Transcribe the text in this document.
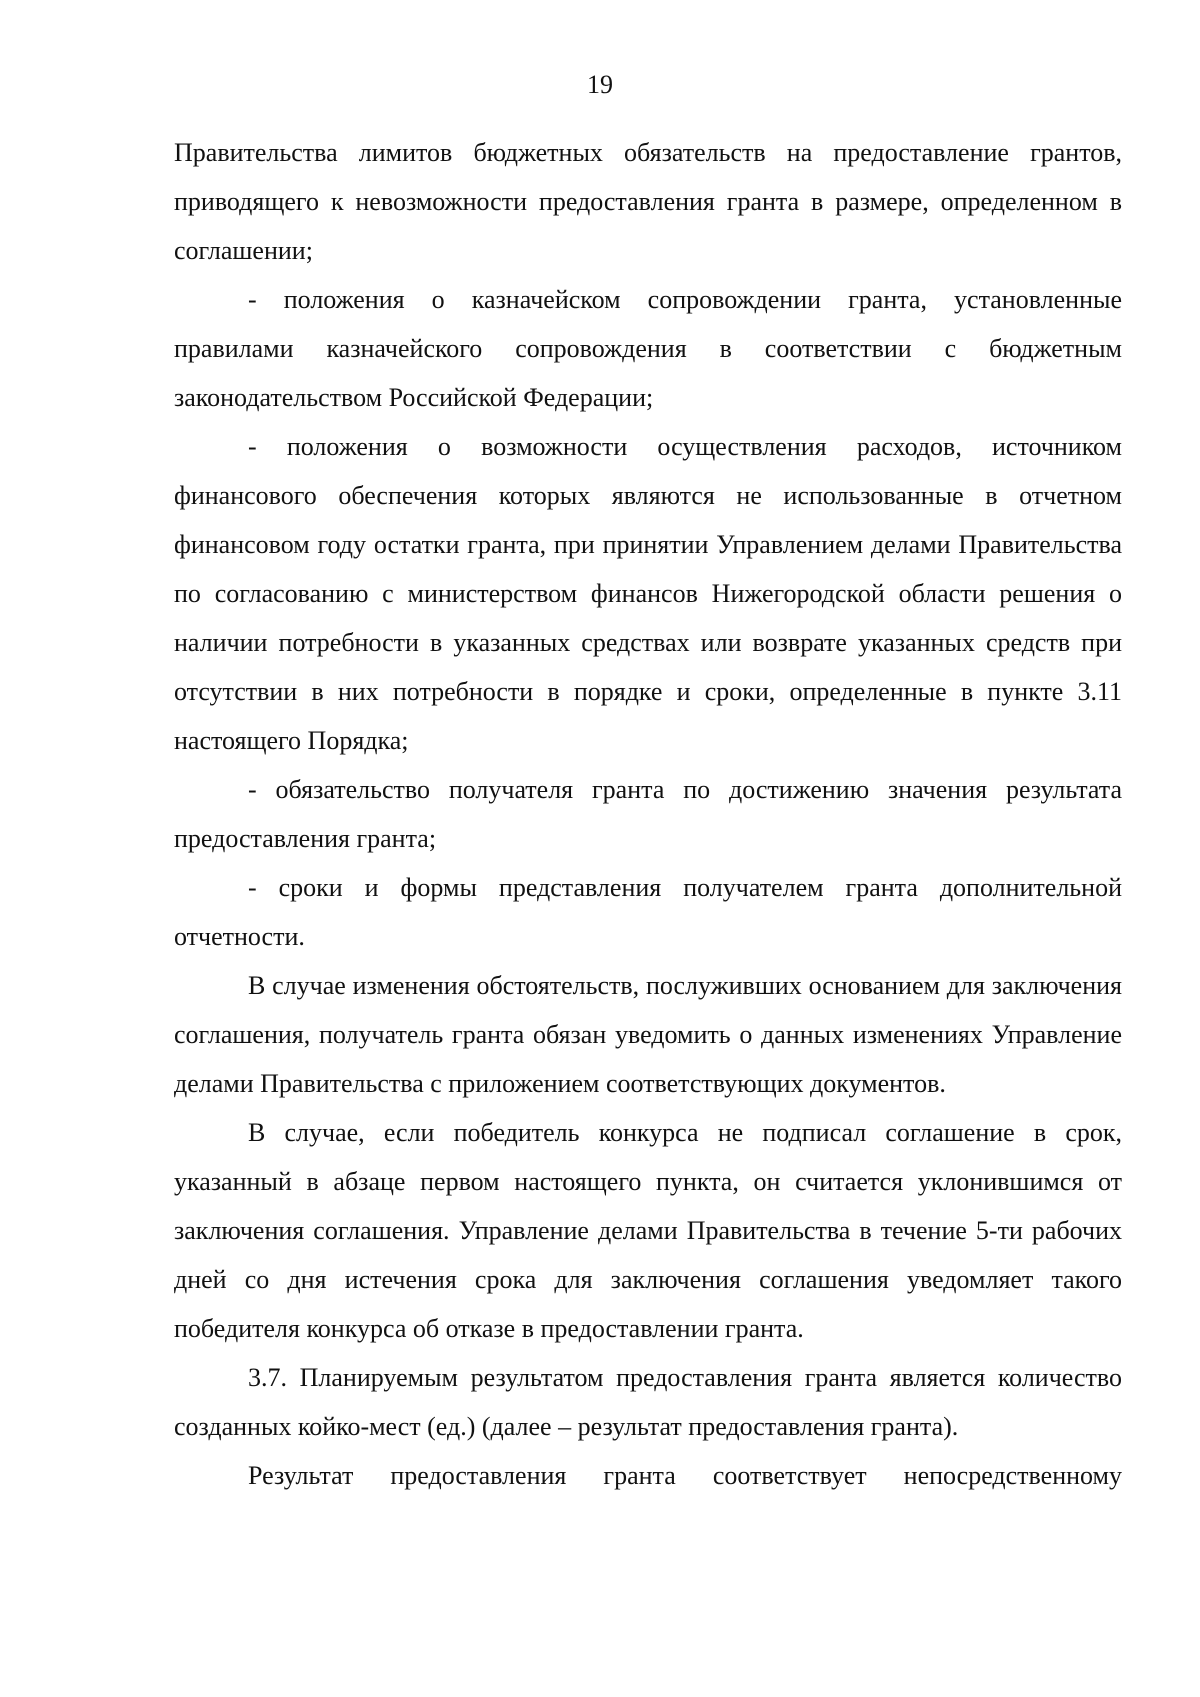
19

Правительства лимитов бюджетных обязательств на предоставление грантов, приводящего к невозможности предоставления гранта в размере, определенном в соглашении;

- положения о казначейском сопровождении гранта, установленные правилами казначейского сопровождения в соответствии с бюджетным законодательством Российской Федерации;

- положения о возможности осуществления расходов, источником финансового обеспечения которых являются не использованные в отчетном финансовом году остатки гранта, при принятии Управлением делами Правительства по согласованию с министерством финансов Нижегородской области решения о наличии потребности в указанных средствах или возврате указанных средств при отсутствии в них потребности в порядке и сроки, определенные в пункте 3.11 настоящего Порядка;

- обязательство получателя гранта по достижению значения результата предоставления гранта;

- сроки и формы представления получателем гранта дополнительной отчетности.

В случае изменения обстоятельств, послуживших основанием для заключения соглашения, получатель гранта обязан уведомить о данных изменениях Управление делами Правительства с приложением соответствующих документов.

В случае, если победитель конкурса не подписал соглашение в срок, указанный в абзаце первом настоящего пункта, он считается уклонившимся от заключения соглашения. Управление делами Правительства в течение 5-ти рабочих дней со дня истечения срока для заключения соглашения уведомляет такого победителя конкурса об отказе в предоставлении гранта.

3.7. Планируемым результатом предоставления гранта является количество созданных койко-мест (ед.) (далее – результат предоставления гранта).

Результат предоставления гранта соответствует непосредственному
